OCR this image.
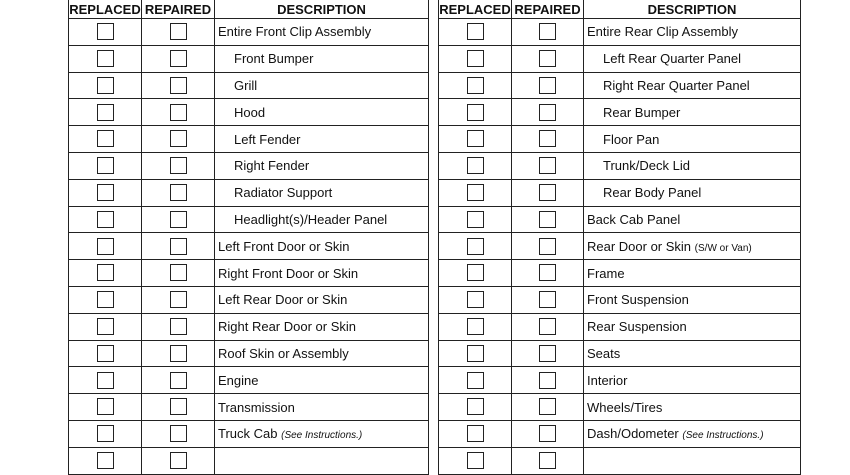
REPLACED	REPAIRED	DESCRIPTION
		Entire Front Clip Assembly
		Front Bumper
		Grill
		Hood
		Left Fender
		Right Fender
		Radiator Support
		Headlight(s)/Header Panel
		Left Front Door or Skin
		Right Front Door or Skin
		Left Rear Door or Skin
		Right Rear Door or Skin
		Roof Skin or Assembly
		Engine
		Transmission
		Truck Cab (See Instructions.)

REPLACED	REPAIRED	DESCRIPTION
		Entire Rear Clip Assembly
		Left Rear Quarter Panel
		Right Rear Quarter Panel
		Rear Bumper
		Floor Pan
		Trunk/Deck Lid
		Rear Body Panel
		Back Cab Panel
		Rear Door or Skin (S/W or Van)
		Frame
		Front Suspension
		Rear Suspension
		Seats
		Interior
		Wheels/Tires
		Dash/Odometer (See Instructions.)
